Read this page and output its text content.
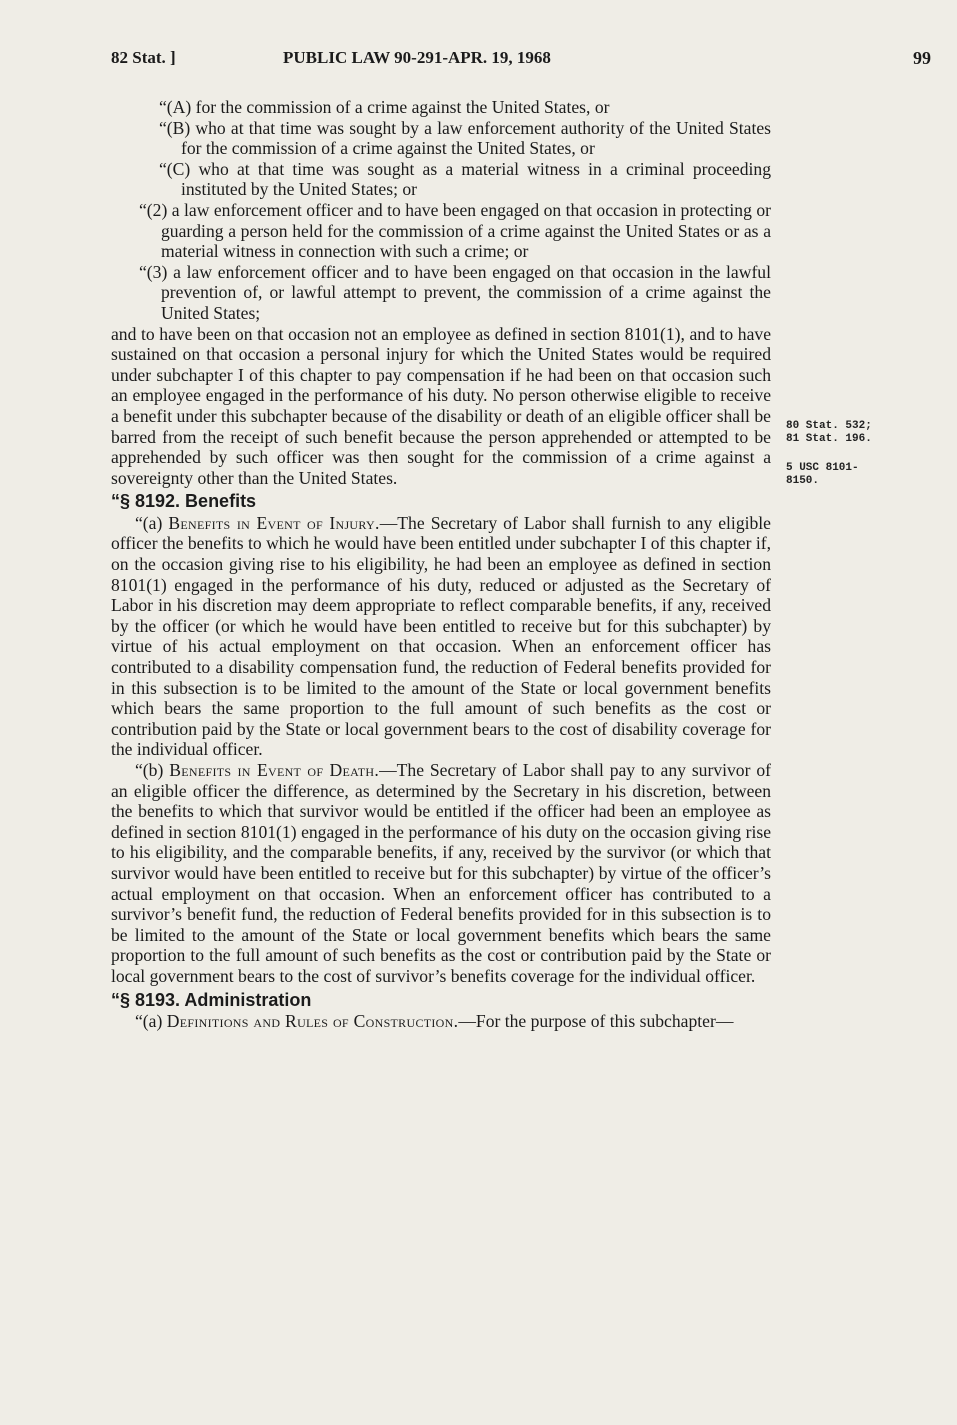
82 Stat. ]	PUBLIC LAW 90-291-APR. 19, 1968	99
80 Stat. 532;
81 Stat. 196.
5 USC 8101-
8150.

“(A) for the commission of a crime against the United States, or

“(B) who at that time was sought by a law enforcement authority of the United States for the commission of a crime against the United States, or

“(C) who at that time was sought as a material witness in a criminal proceeding instituted by the United States; or

“(2) a law enforcement officer and to have been engaged on that occasion in protecting or guarding a person held for the commission of a crime against the United States or as a material witness in connection with such a crime; or

“(3) a law enforcement officer and to have been engaged on that occasion in the lawful prevention of, or lawful attempt to prevent, the commission of a crime against the United States;

and to have been on that occasion not an employee as defined in section 8101(1), and to have sustained on that occasion a personal injury for which the United States would be required under subchapter I of this chapter to pay compensation if he had been on that occasion such an employee engaged in the performance of his duty. No person otherwise eligible to receive a benefit under this subchapter because of the disability or death of an eligible officer shall be barred from the receipt of such benefit because the person apprehended or attempted to be apprehended by such officer was then sought for the commission of a crime against a sovereignty other than the United States.

“§ 8192. Benefits

“(a) Benefits in Event of Injury.—The Secretary of Labor shall furnish to any eligible officer the benefits to which he would have been entitled under subchapter I of this chapter if, on the occasion giving rise to his eligibility, he had been an employee as defined in section 8101(1) engaged in the performance of his duty, reduced or adjusted as the Secretary of Labor in his discretion may deem appropriate to reflect comparable benefits, if any, received by the officer (or which he would have been entitled to receive but for this subchapter) by virtue of his actual employment on that occasion. When an enforcement officer has contributed to a disability compensation fund, the reduction of Federal benefits provided for in this subsection is to be limited to the amount of the State or local government benefits which bears the same proportion to the full amount of such benefits as the cost or contribution paid by the State or local government bears to the cost of disability coverage for the individual officer.

“(b) Benefits in Event of Death.—The Secretary of Labor shall pay to any survivor of an eligible officer the difference, as determined by the Secretary in his discretion, between the benefits to which that survivor would be entitled if the officer had been an employee as defined in section 8101(1) engaged in the performance of his duty on the occasion giving rise to his eligibility, and the comparable benefits, if any, received by the survivor (or which that survivor would have been entitled to receive but for this subchapter) by virtue of the officer’s actual employment on that occasion. When an enforcement officer has contributed to a survivor’s benefit fund, the reduction of Federal benefits provided for in this subsection is to be limited to the amount of the State or local government benefits which bears the same proportion to the full amount of such benefits as the cost or contribution paid by the State or local government bears to the cost of survivor’s benefits coverage for the individual officer.

“§ 8193. Administration

“(a) Definitions and Rules of Construction.—For the purpose of this subchapter—
